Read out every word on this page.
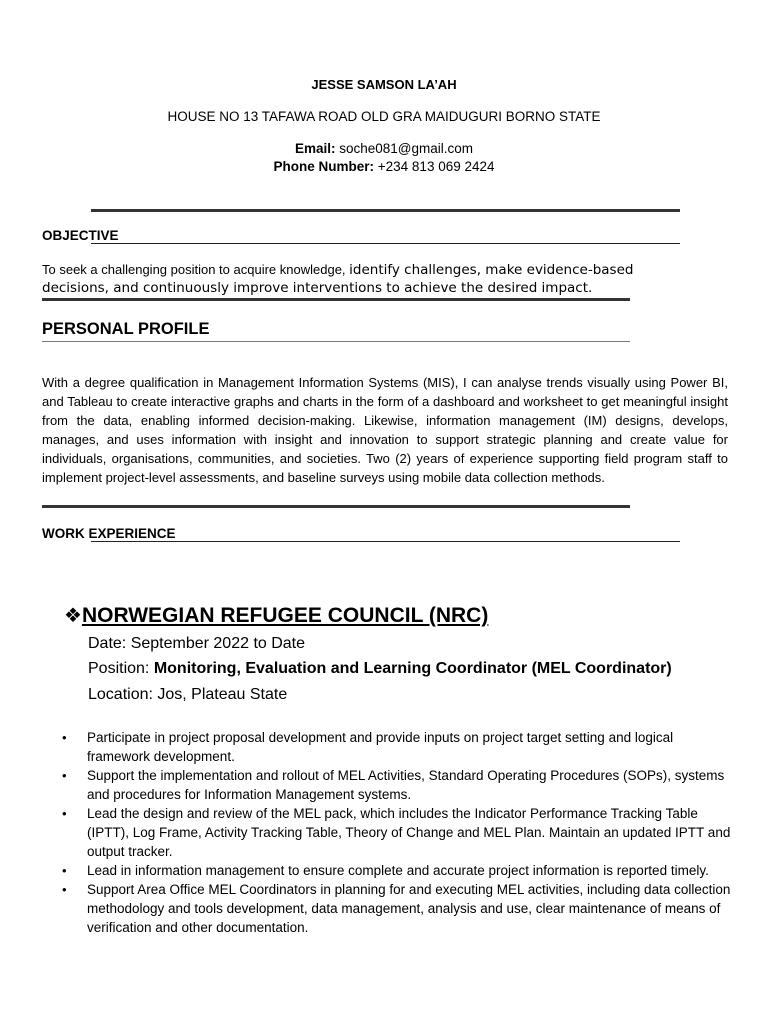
JESSE SAMSON LA’AH
HOUSE NO 13 TAFAWA ROAD OLD GRA MAIDUGURI BORNO STATE
Email: soche081@gmail.com
Phone Number: +234 813 069 2424
OBJECTIVE
To seek a challenging position to acquire knowledge, identify challenges, make evidence-based decisions, and continuously improve interventions to achieve the desired impact.
PERSONAL PROFILE
With a degree qualification in Management Information Systems (MIS), I can analyse trends visually using Power BI, and Tableau to create interactive graphs and charts in the form of a dashboard and worksheet to get meaningful insight from the data, enabling informed decision-making. Likewise, information management (IM) designs, develops, manages, and uses information with insight and innovation to support strategic planning and create value for individuals, organisations, communities, and societies. Two (2) years of experience supporting field program staff to implement project-level assessments, and baseline surveys using mobile data collection methods.
WORK EXPERIENCE
❖NORWEGIAN REFUGEE COUNCIL (NRC)
Date: September 2022 to Date
Position: Monitoring, Evaluation and Learning Coordinator (MEL Coordinator)
Location: Jos, Plateau State
• Participate in project proposal development and provide inputs on project target setting and logical framework development.
• Support the implementation and rollout of MEL Activities, Standard Operating Procedures (SOPs), systems and procedures for Information Management systems.
• Lead the design and review of the MEL pack, which includes the Indicator Performance Tracking Table (IPTT), Log Frame, Activity Tracking Table, Theory of Change and MEL Plan. Maintain an updated IPTT and output tracker.
• Lead in information management to ensure complete and accurate project information is reported timely.
• Support Area Office MEL Coordinators in planning for and executing MEL activities, including data collection methodology and tools development, data management, analysis and use, clear maintenance of means of verification and other documentation.
